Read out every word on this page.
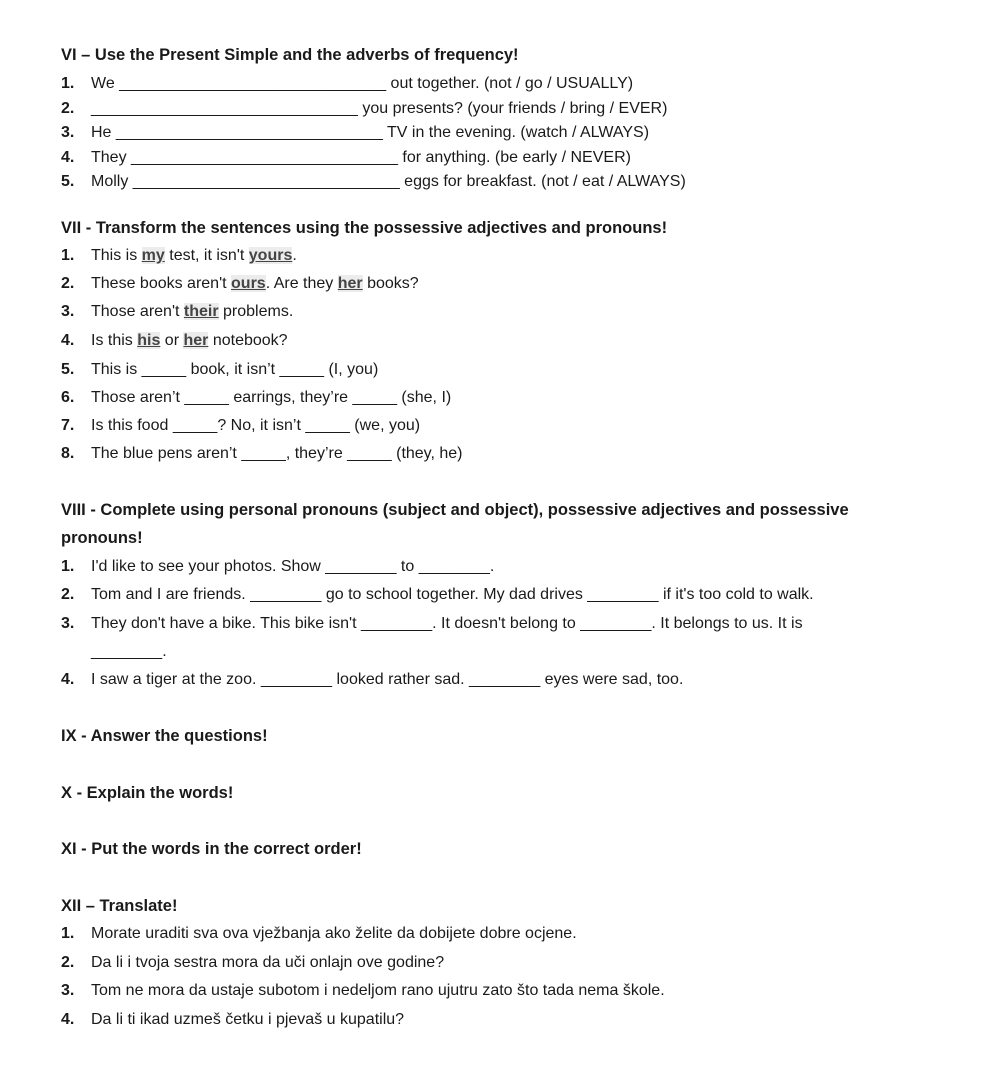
VI – Use the Present Simple and the adverbs of frequency!
1. We ______________________________ out together. (not / go / USUALLY)
2. ______________________________ you presents? (your friends / bring / EVER)
3. He ______________________________ TV in the evening. (watch / ALWAYS)
4. They ______________________________ for anything. (be early / NEVER)
5. Molly ______________________________ eggs for breakfast. (not / eat / ALWAYS)
VII - Transform the sentences using the possessive adjectives and pronouns!
1. This is my test, it isn't yours.
2. These books aren't ours. Are they her books?
3. Those aren't their problems.
4. Is this his or her notebook?
5. This is _____ book, it isn’t _____ (I, you)
6. Those aren’t _____ earrings, they’re _____ (she, I)
7. Is this food _____? No, it isn’t _____ (we, you)
8. The blue pens aren’t _____, they’re _____ (they, he)
VIII - Complete using personal pronouns (subject and object), possessive adjectives and possessive
pronouns!
1. I'd like to see your photos. Show ________ to ________.
2. Tom and I are friends. ________ go to school together. My dad drives ________ if it's too cold to walk.
3. They don't have a bike. This bike isn't ________. It doesn't belong to ________. It belongs to us. It is
________.
4. I saw a tiger at the zoo. ________ looked rather sad. ________ eyes were sad, too.
IX - Answer the questions!
X - Explain the words!
XI - Put the words in the correct order!
XII – Translate!
1. Morate uraditi sva ova vježbanja ako želite da dobijete dobre ocjene.
2. Da li i tvoja sestra mora da uči onlajn ove godine?
3. Tom ne mora da ustaje subotom i nedeljom rano ujutru zato što tada nema škole.
4. Da li ti ikad uzmeš četku i pjevaš u kupatilu?
